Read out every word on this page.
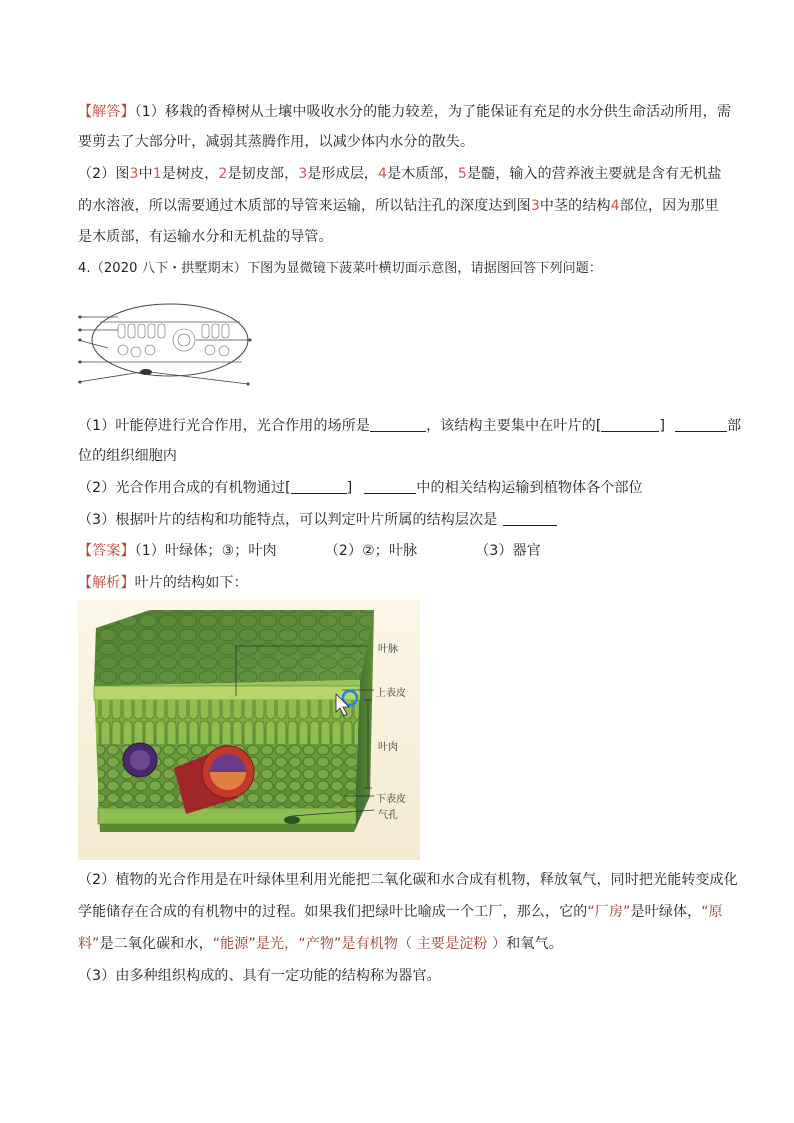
【解答】（1）移栽的香樟树从土壤中吸收水分的能力较差，为了能保证有充足的水分供生命活动所用，需
要剪去了大部分叶，减弱其蒸腾作用，以减少体内水分的散失。
（2）图3中1是树皮，2是韧皮部，3是形成层，4是木质部，5是髓，输入的营养液主要就是含有无机盐
的水溶液，所以需要通过木质部的导管来运输，所以钻注孔的深度达到图3中茎的结构4部位，因为那里
是木质部，有运输水分和无机盐的导管。
4.（2020 八下・拱墅期末）下图为显微镜下菠菜叶横切面示意图，请据图回答下列问题：
（1）叶能停进行光合作用，光合作用的场所是	，该结构主要集中在叶片的[	]	部
位的组织细胞内
（2）光合作用合成的有机物通过[	]	中的相关结构运输到植物体各个部位
（3）根据叶片的结构和功能特点，可以判定叶片所属的结构层次是
【答案】（1）叶绿体；③；叶肉	（2）②；叶脉	（3）器官
【解析】叶片的结构如下：
叶脉
上表皮
叶肉
下表皮
气孔
（2）植物的光合作用是在叶绿体里利用光能把二氧化碳和水合成有机物，释放氧气，同时把光能转变成化
学能储存在合成的有机物中的过程。如果我们把绿叶比喻成一个工厂，那么，它的“厂房”是叶绿体，“原
料”是二氧化碳和水，“能源”是光，“产物”是有机物（ 主要是淀粉 ）和氧气。
（3）由多种组织构成的、具有一定功能的结构称为器官。
